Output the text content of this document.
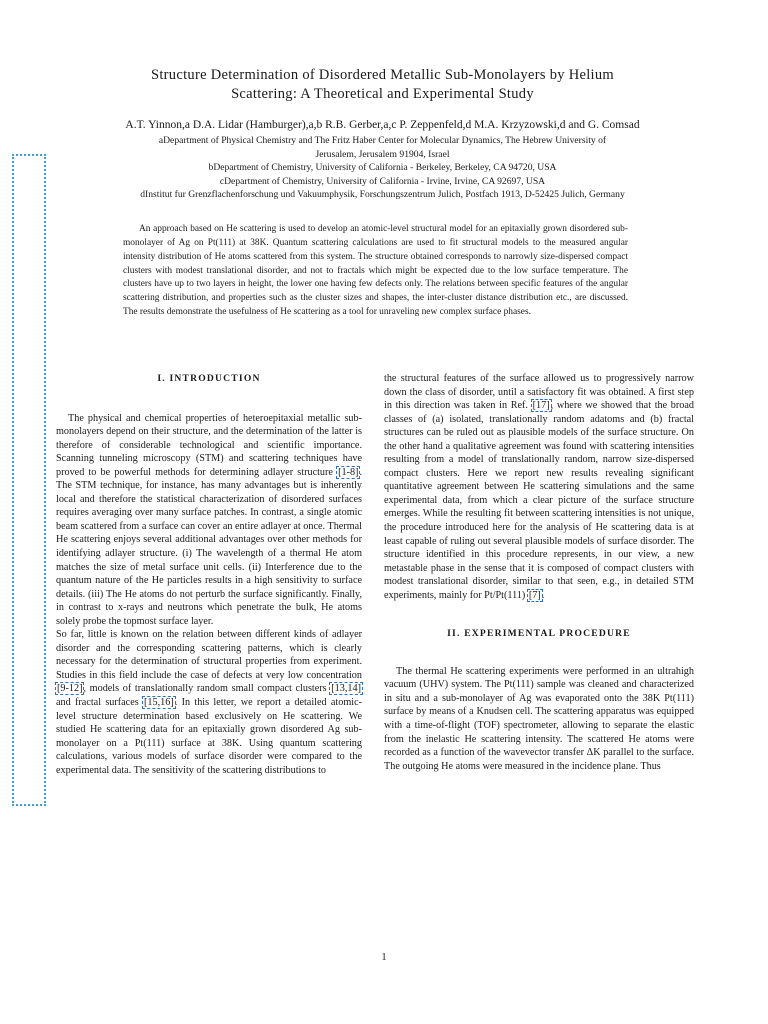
Structure Determination of Disordered Metallic Sub-Monolayers by Helium
Scattering: A Theoretical and Experimental Study
A.T. Yinnon,a D.A. Lidar (Hamburger),a,b R.B. Gerber,a,c P. Zeppenfeld,d M.A. Krzyzowski,d and G. Comsad
aDepartment of Physical Chemistry and The Fritz Haber Center for Molecular Dynamics, The Hebrew University of
Jerusalem, Jerusalem 91904, Israel
bDepartment of Chemistry, University of California - Berkeley, Berkeley, CA 94720, USA
cDepartment of Chemistry, University of California - Irvine, Irvine, CA 92697, USA
dInstitut fur Grenzflachenforschung und Vakuumphysik, Forschungszentrum Julich, Postfach 1913, D-52425 Julich, Germany

An approach based on He scattering is used to develop an atomic-level structural model for an epitaxially grown disordered sub-monolayer of Ag on Pt(111) at 38K. Quantum scattering calculations are used to fit structural models to the measured angular intensity distribution of He atoms scattered from this system. The structure obtained corresponds to narrowly size-dispersed compact clusters with modest translational disorder, and not to fractals which might be expected due to the low surface temperature. The clusters have up to two layers in height, the lower one having few defects only. The relations between specific features of the angular scattering distribution, and properties such as the cluster sizes and shapes, the inter-cluster distance distribution etc., are discussed. The results demonstrate the usefulness of He scattering as a tool for unraveling new complex surface phases.

I. INTRODUCTION

The physical and chemical properties of heteroepitaxial metallic sub-monolayers depend on their structure, and the determination of the latter is therefore of considerable technological and scientific importance. Scanning tunneling microscopy (STM) and scattering techniques have proved to be powerful methods for determining adlayer structure [1-8]. The STM technique, for instance, has many advantages but is inherently local and therefore the statistical characterization of disordered surfaces requires averaging over many surface patches. In contrast, a single atomic beam scattered from a surface can cover an entire adlayer at once. Thermal He scattering enjoys several additional advantages over other methods for identifying adlayer structure. (i) The wavelength of a thermal He atom matches the size of metal surface unit cells. (ii) Interference due to the quantum nature of the He particles results in a high sensitivity to surface details. (iii) The He atoms do not perturb the surface significantly. Finally, in contrast to x-rays and neutrons which penetrate the bulk, He atoms solely probe the topmost surface layer.

So far, little is known on the relation between different kinds of adlayer disorder and the corresponding scattering patterns, which is clearly necessary for the determination of structural properties from experiment. Studies in this field include the case of defects at very low concentration [9-12], models of translationally random small compact clusters [13,14] and fractal surfaces [15,16]. In this letter, we report a detailed atomic-level structure determination based exclusively on He scattering. We studied He scattering data for an epitaxially grown disordered Ag sub-monolayer on a Pt(111) surface at 38K. Using quantum scattering calculations, various models of surface disorder were compared to the experimental data. The sensitivity of the scattering distributions to

the structural features of the surface allowed us to progressively narrow down the class of disorder, until a satisfactory fit was obtained. A first step in this direction was taken in Ref. [17], where we showed that the broad classes of (a) isolated, translationally random adatoms and (b) fractal structures can be ruled out as plausible models of the surface structure. On the other hand a qualitative agreement was found with scattering intensities resulting from a model of translationally random, narrow size-dispersed compact clusters. Here we report new results revealing significant quantitative agreement between He scattering simulations and the same experimental data, from which a clear picture of the surface structure emerges. While the resulting fit between scattering intensities is not unique, the procedure introduced here for the analysis of He scattering data is at least capable of ruling out several plausible models of surface disorder. The structure identified in this procedure represents, in our view, a new metastable phase in the sense that it is composed of compact clusters with modest translational disorder, similar to that seen, e.g., in detailed STM experiments, mainly for Pt/Pt(111) [7].

II. EXPERIMENTAL PROCEDURE

The thermal He scattering experiments were performed in an ultrahigh vacuum (UHV) system. The Pt(111) sample was cleaned and characterized in situ and a sub-monolayer of Ag was evaporated onto the 38K Pt(111) surface by means of a Knudsen cell. The scattering apparatus was equipped with a time-of-flight (TOF) spectrometer, allowing to separate the elastic from the inelastic He scattering intensity. The scattered He atoms were recorded as a function of the wavevector transfer ΔK parallel to the surface. The outgoing He atoms were measured in the incidence plane. Thus

1
